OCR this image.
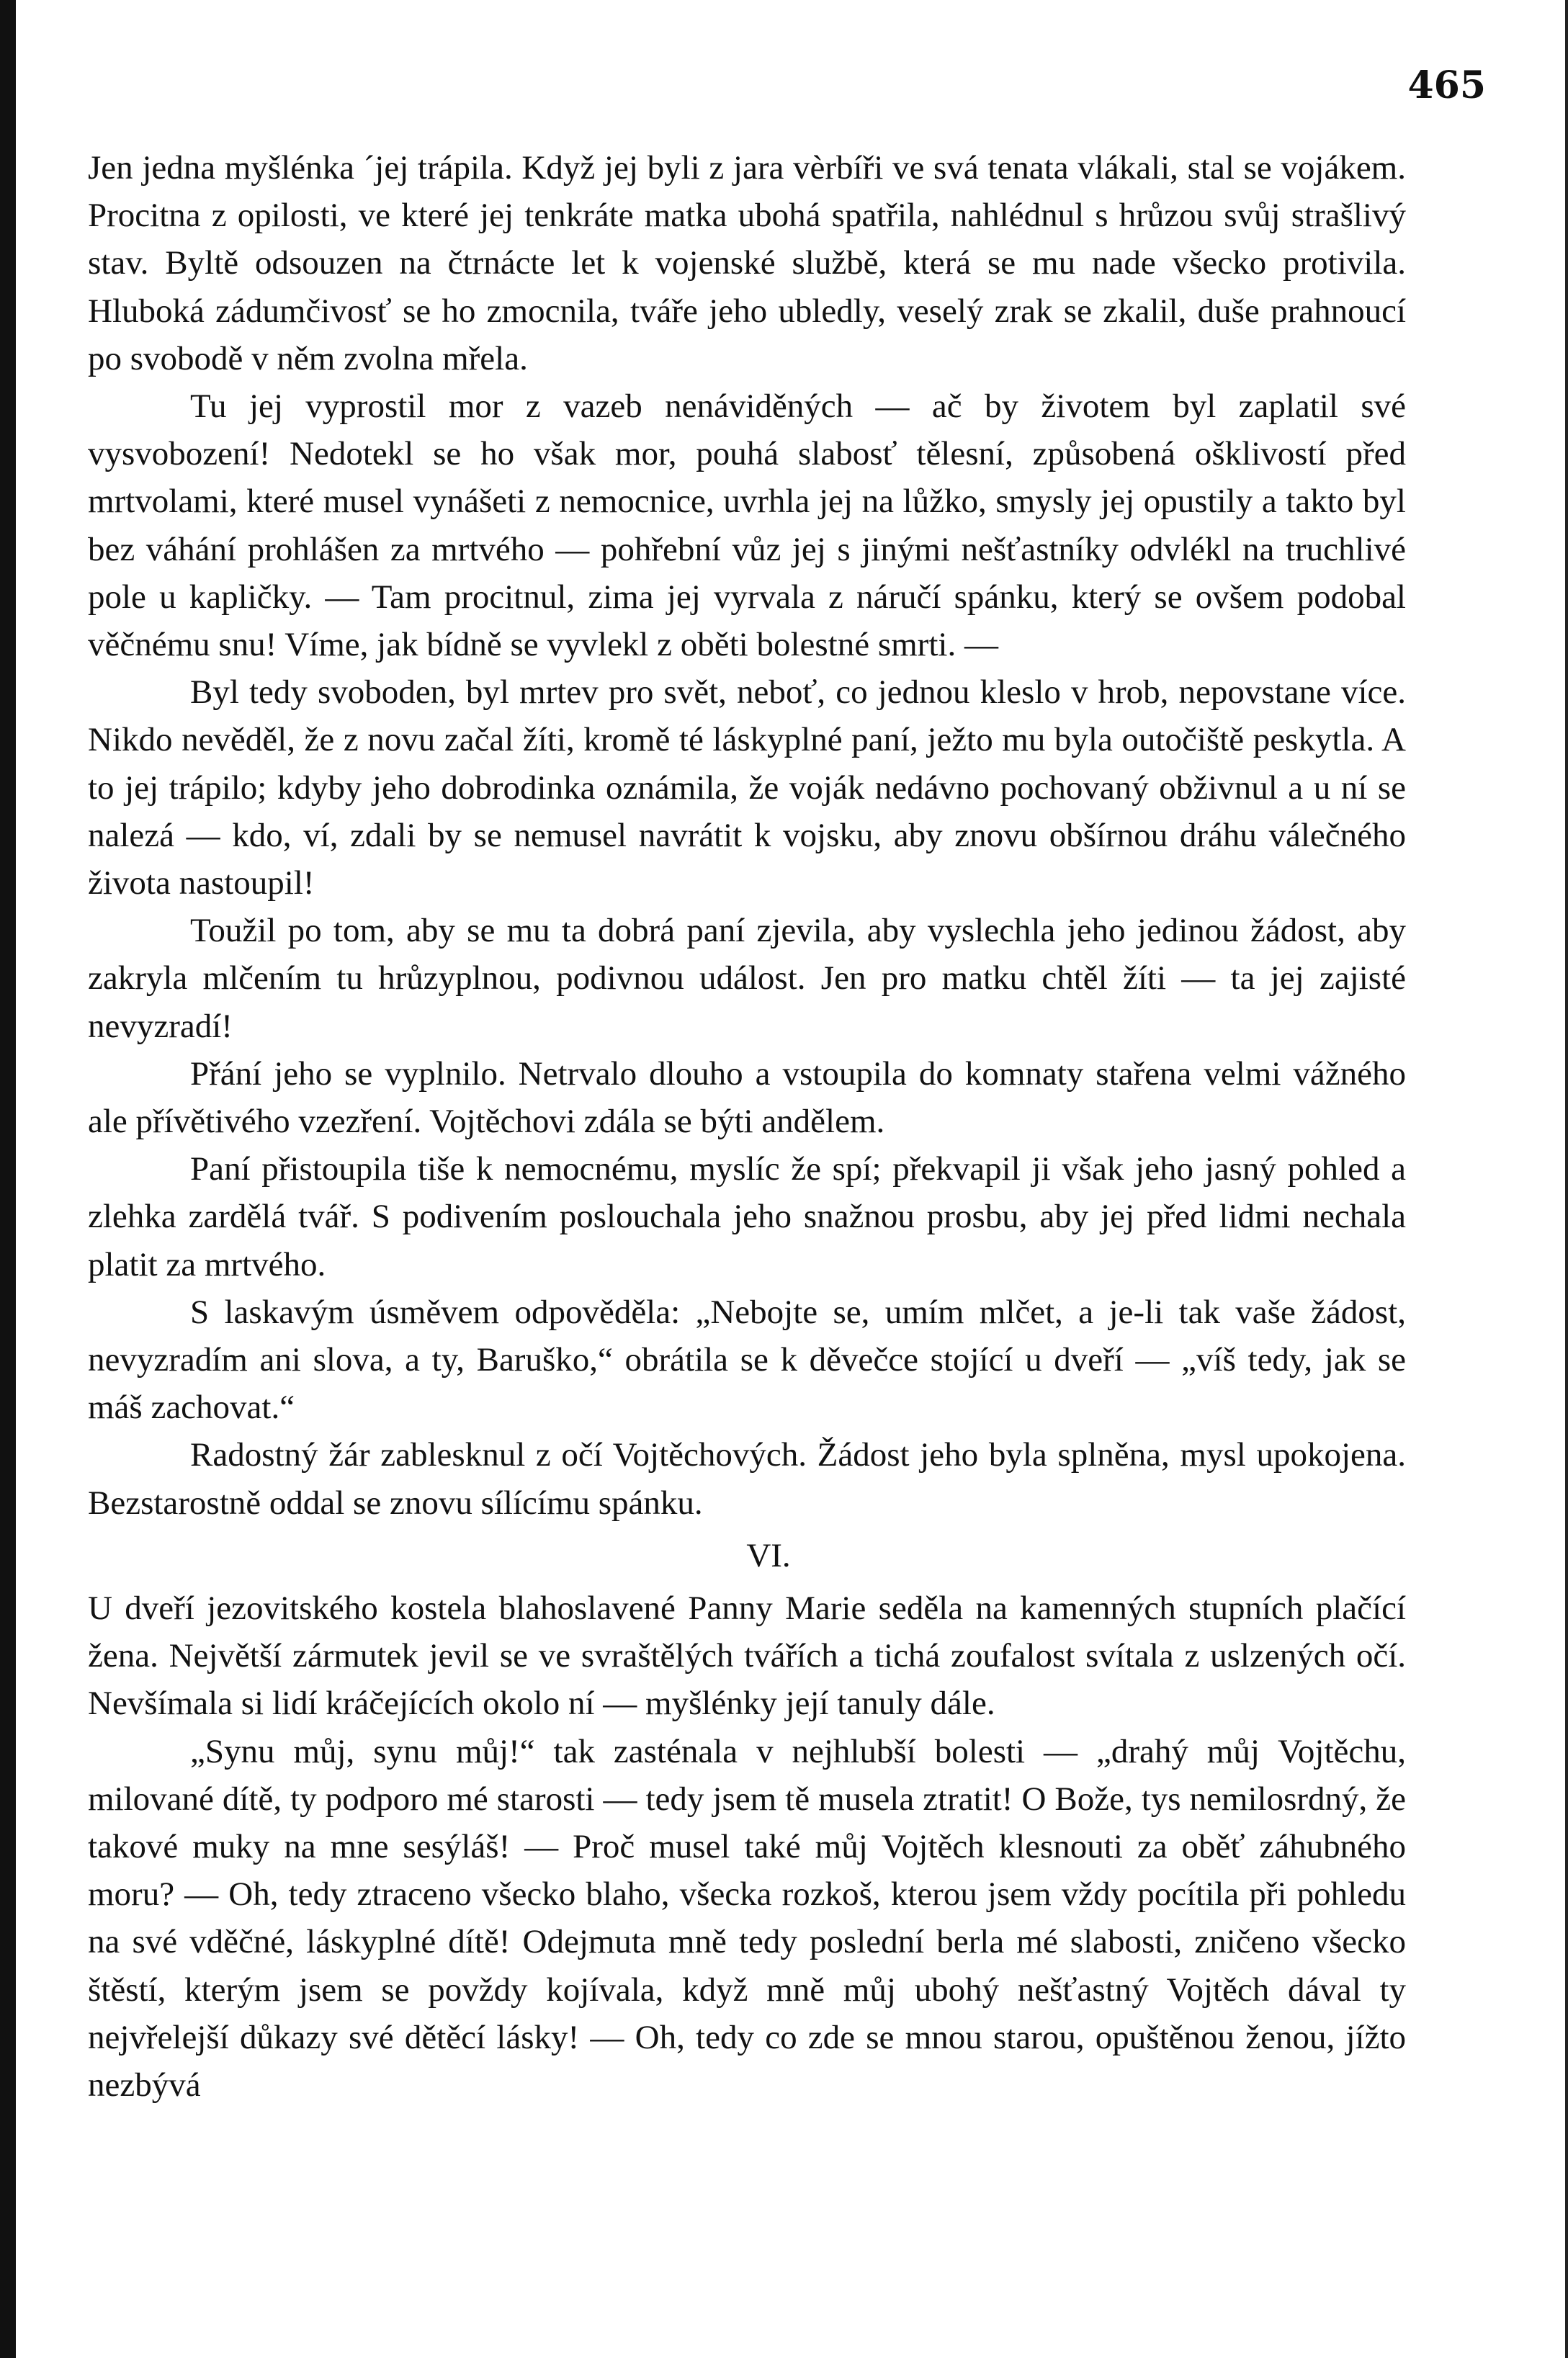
465

Jen jedna myšlénka ´jej trápila. Když jej byli z jara vèrbíři ve svá tenata vlákali, stal se vojákem. Procitna z opilosti, ve které jej tenkráte matka ubohá spatřila, nahlédnul s hrůzou svůj strašlivý stav. Byltě odsouzen na čtrnácte let k vojenské službě, která se mu nade všecko protivila. Hluboká zádumčivosť se ho zmocnila, tváře jeho ubledly, veselý zrak se zkalil, duše prahnoucí po svobodě v něm zvolna mřela.

Tu jej vyprostil mor z vazeb nenáviděných — ač by životem byl zaplatil své vysvobození! Nedotekl se ho však mor, pouhá slabosť tělesní, způsobená ošklivostí před mrtvolami, které musel vynášeti z nemocnice, uvrhla jej na lůžko, smysly jej opustily a takto byl bez váhání prohlášen za mrtvého — pohřební vůz jej s jinými nešťastníky odvlékl na truchlivé pole u kapličky. — Tam procitnul, zima jej vyrvala z náručí spánku, který se ovšem podobal věčnému snu! Víme, jak bídně se vyvlekl z oběti bolestné smrti. —

Byl tedy svoboden, byl mrtev pro svět, neboť, co jednou kleslo v hrob, nepovstane více. Nikdo nevěděl, že z novu začal žíti, kromě té láskyplné paní, ježto mu byla outočiště peskytla. A to jej trápilo; kdyby jeho dobrodinka oznámila, že voják nedávno pochovaný obživnul a u ní se nalezá — kdo, ví, zdali by se nemusel navrátit k vojsku, aby znovu obšírnou dráhu válečného života nastoupil!

Toužil po tom, aby se mu ta dobrá paní zjevila, aby vyslechla jeho jedinou žádost, aby zakryla mlčením tu hrůzyplnou, podivnou událost. Jen pro matku chtěl žíti — ta jej zajisté nevyzradí!

Přání jeho se vyplnilo. Netrvalo dlouho a vstoupila do komnaty stařena velmi vážného ale přívětivého vzezření. Vojtěchovi zdála se býti andělem.

Paní přistoupila tiše k nemocnému, myslíc že spí; překvapil ji však jeho jasný pohled a zlehka zardělá tvář. S podivením poslouchala jeho snažnou prosbu, aby jej před lidmi nechala platit za mrtvého.

S laskavým úsměvem odpověděla: „Nebojte se, umím mlčet, a je-li tak vaše žádost, nevyzradím ani slova, a ty, Baruško,“ obrátila se k děvečce stojící u dveří — „víš tedy, jak se máš zachovat.“

Radostný žár zablesknul z očí Vojtěchových. Žádost jeho byla splněna, mysl upokojena. Bezstarostně oddal se znovu sílícímu spánku.

VI.

U dveří jezovitského kostela blahoslavené Panny Marie seděla na kamenných stupních plačící žena. Největší zármutek jevil se ve svraštělých tvářích a tichá zoufalost svítala z uslzených očí. Nevšímala si lidí kráčejících okolo ní — myšlénky její tanuly dále.

„Synu můj, synu můj!“ tak zasténala v nejhlubší bolesti — „drahý můj Vojtěchu, milované dítě, ty podporo mé starosti — tedy jsem tě musela ztratit! O Bože, tys nemilosrdný, že takové muky na mne sesýláš! — Proč musel také můj Vojtěch klesnouti za oběť záhubného moru? — Oh, tedy ztraceno všecko blaho, všecka rozkoš, kterou jsem vždy pocítila při pohledu na své vděčné, láskyplné dítě! Odejmuta mně tedy poslední berla mé slabosti, zničeno všecko štěstí, kterým jsem se povždy kojívala, když mně můj ubohý nešťastný Vojtěch dával ty nejvřelejší důkazy své dětěcí lásky! — Oh, tedy co zde se mnou starou, opuštěnou ženou, jížto nezbývá
